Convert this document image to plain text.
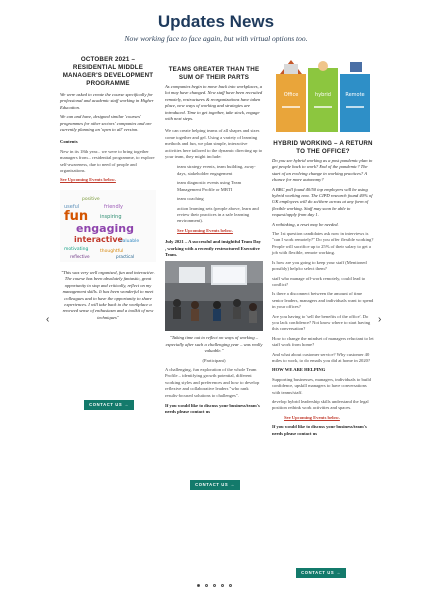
Updates News
Now working face to face again, but with virtual options too.
‹	›
OCTOBER 2021 – RESIDENTIAL MIDDLE MANAGER'S DEVELOPMENT PROGRAMME

We were asked to create the course specifically for professional and academic staff working in Higher Education.

We can and have, designed similar 'courses' programmes for other sectors' companies and are currently planning an 'open to all' version.

Contents

New in its 18th year... we were to bring together managers from... residential programme, to explore self-awareness, due to need of people and organisations.

See Upcoming Events below.

positive
useful	friendly
fun inspiring
engaging
interactive
valuable
motivating	thoughtful
reflective	practical

"This was very well organised, fun and interactive. The course has been absolutely fantastic, great opportunity to stop and critically, reflect on my management skills. It has been wonderful to meet colleagues and to have the opportunity to share experiences. I will take back to the workplace a renewed sense of enthusiasm and a toolkit of new techniques"

CONTACT US →
TEAMS GREATER THAN THE SUM OF THEIR PARTS

As companies begin to move back into workplaces, a lot may have changed. New staff have been recruited remotely, restructures & reorganizations have taken place, new ways of working and strategies are introduced. Time to get together, take stock, engage with next steps.

We can create helping teams of all shapes and sizes come together and gel. Using a variety of learning methods and fun, we plan simple, interactive activities here tailored to the dynamic directing up to your team, they might include:

team strategy events, team building, away-days, stakeholder engagement

team diagnostic events using Team Management Profile or MBTI

team coaching

action learning sets (people above, learn and review their practices in a safe learning environment).

See Upcoming Events below.

July 2021 – A successful and insightful Team Day , working with a recently restructured Executive Team.

"Taking time out to reflect on ways of working – especially after such a challenging year – was really valuable."

(Participant)

A challenging, fun exploration of the whole Team Profile – identifying growth potential, different working styles and preferences and how to develop reflexive and collaborative leaders "who rank results-focused solutions to challenges".

If you would like to discuss your business/team's needs please contact us

CONTACT US →
Office	hybrid	Remote
HYBRID WORKING – A RETURN TO THE OFFICE?

Do you see hybrid working as a post pandemic plan to get people back to work? End of the pandemic? The start of an evolving change in working practices? A chance for more autonomy?

A BBC poll found 40/50 top employers will be using hybrid working now. The CIPD research found 40% of UK employees will do so/there across at any form of flexible working. Staff may soon be able to request/apply from day 1.

A rethinking, a reset may be needed.

The 1st question candidates ask now in interviews is "can I work remotely?" Do you offer flexible working? People will sacrifice up to 25% of their salary to get a job with flexible, remote working.

Is how are you going to keep your staff (Mentioned possibly) help/to select them?

staff who manage off-work remotely, could lead to conflict?

Is there a disconnect between the amount of time senior leaders, managers and individuals want to spend in your offices?

Are you having to 'sell the benefits of the office'. Do you lack confidence? Not know where to start having this conversation?

How to change the mindset of managers reluctant to let staff work from home?

And what about customer service? Why customer 40 miles to work, to do emails you did at home in 2020?

HOW WE ARE HELPING

Supporting businesses, managers, individuals to build confidence, upskill managers to have conversations with teams/staff.

develop hybrid leadership skills understand the legal position rethink work activities and spaces.

See Upcoming Events below.

If you would like to discuss your business/team's needs please contact us

CONTACT US →
